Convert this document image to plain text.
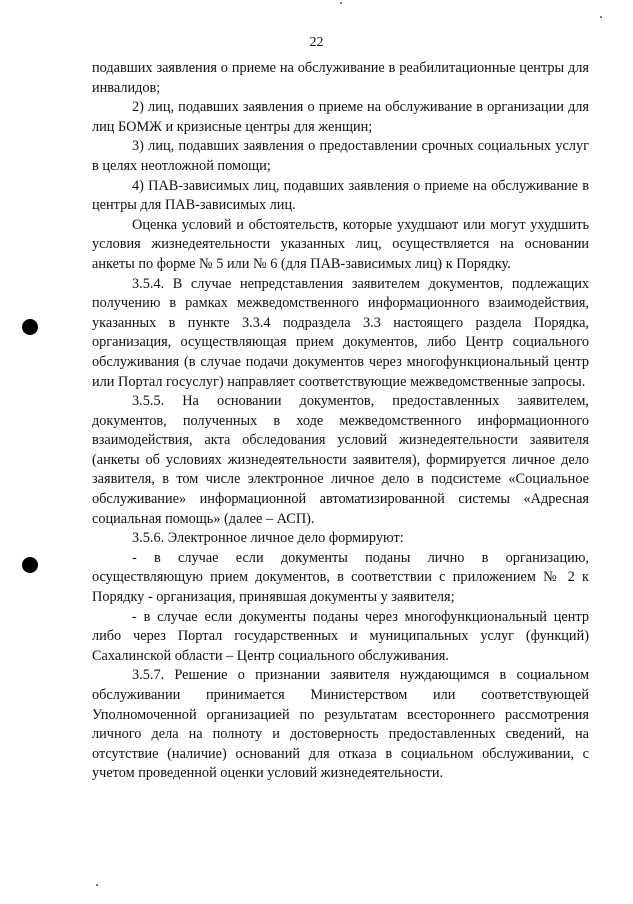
22

подавших заявления о приеме на обслуживание в реабилитационные центры для инвалидов;

2) лиц, подавших заявления о приеме на обслуживание в организации для лиц БОМЖ и кризисные центры для женщин;

3) лиц, подавших заявления о предоставлении срочных социальных услуг в целях неотложной помощи;

4) ПАВ-зависимых лиц, подавших заявления о приеме на обслуживание в центры для ПАВ-зависимых лиц.

Оценка условий и обстоятельств, которые ухудшают или могут ухудшить условия жизнедеятельности указанных лиц, осуществляется на основании анкеты по форме № 5 или № 6 (для ПАВ-зависимых лиц) к Порядку.

3.5.4. В случае непредставления заявителем документов, подлежащих получению в рамках межведомственного информационного взаимодействия, указанных в пункте 3.3.4 подраздела 3.3 настоящего раздела Порядка, организация, осуществляющая прием документов, либо Центр социального обслуживания (в случае подачи документов через многофункциональный центр или Портал госуслуг) направляет соответствующие межведомственные запросы.

3.5.5. На основании документов, предоставленных заявителем, документов, полученных в ходе межведомственного информационного взаимодействия, акта обследования условий жизнедеятельности заявителя (анкеты об условиях жизнедеятельности заявителя), формируется личное дело заявителя, в том числе электронное личное дело в подсистеме «Социальное обслуживание» информационной автоматизированной системы «Адресная социальная помощь» (далее – АСП).

3.5.6. Электронное личное дело формируют:

- в случае если документы поданы лично в организацию, осуществляющую прием документов, в соответствии с приложением № 2 к Порядку - организация, принявшая документы у заявителя;

- в случае если документы поданы через многофункциональный центр либо через Портал государственных и муниципальных услуг (функций) Сахалинской области – Центр социального обслуживания.

3.5.7. Решение о признании заявителя нуждающимся в социальном обслуживании принимается Министерством или соответствующей Уполномоченной организацией по результатам всестороннего рассмотрения личного дела на полноту и достоверность предоставленных сведений, на отсутствие (наличие) оснований для отказа в социальном обслуживании, с учетом проведенной оценки условий жизнедеятельности.
